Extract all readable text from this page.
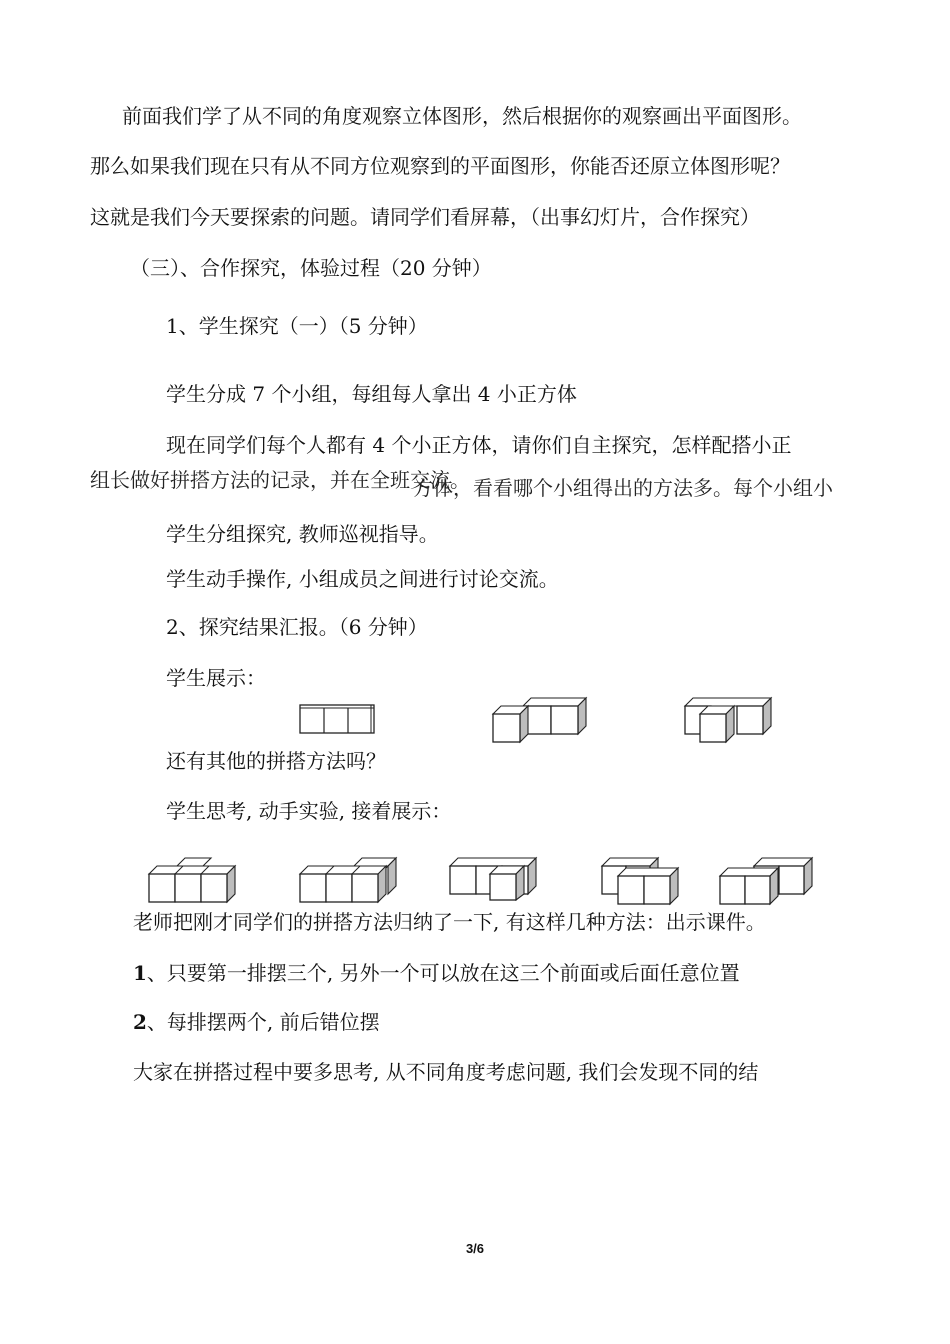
前面我们学了从不同的角度观察立体图形，然后根据你的观察画出平面图形。
那么如果我们现在只有从不同方位观察到的平面图形，你能否还原立体图形呢？
这就是我们今天要探索的问题。请同学们看屏幕，（出事幻灯片，合作探究）
（三）、合作探究，体验过程（20 分钟）
1、学生探究（一）（5 分钟）
学生分成 7 个小组，每组每人拿出 4 小正方体
现在同学们每个人都有 4 个小正方体，请你们自主探究，怎样配搭小正
组长做好拼搭方法的记录，并在全班交流。
方体，看看哪个小组得出的方法多。每个小组小
学生分组探究, 教师巡视指导。
学生动手操作, 小组成员之间进行讨论交流。
2、探究结果汇报。（6 分钟）
学生展示：
还有其他的拼搭方法吗？
学生思考, 动手实验, 接着展示：
老师把刚才同学们的拼搭方法归纳了一下, 有这样几种方法：出示课件。
1、只要第一排摆三个, 另外一个可以放在这三个前面或后面任意位置
2、每排摆两个, 前后错位摆
大家在拼搭过程中要多思考, 从不同角度考虑问题, 我们会发现不同的结
3/6
